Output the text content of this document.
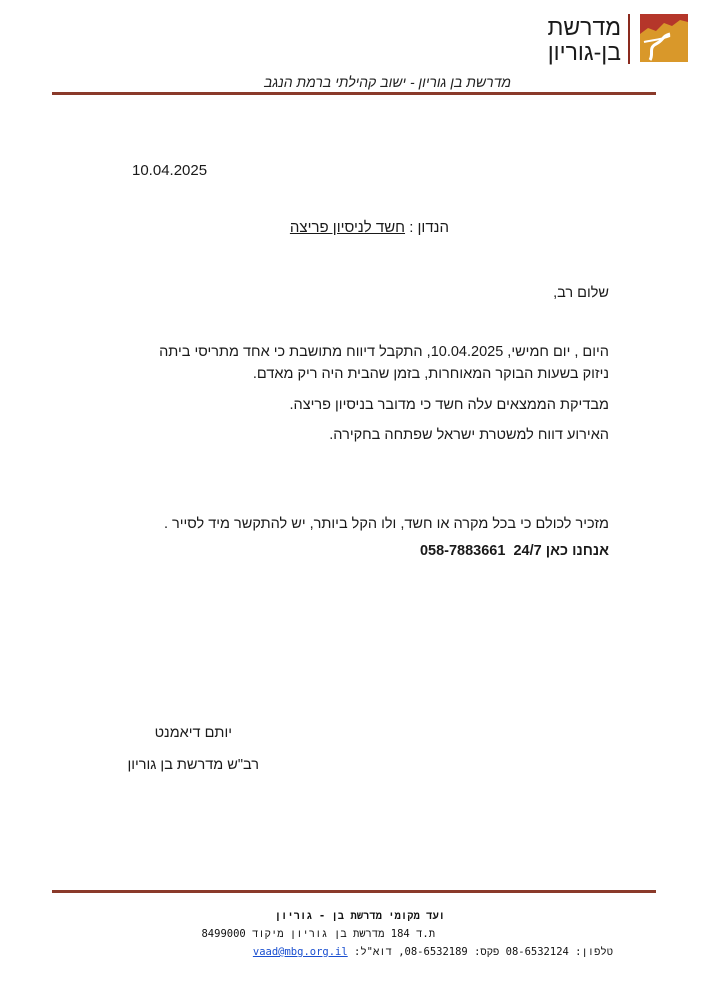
מדרשת
בן-גוריון
מדרשת בן גוריון - ישוב קהילתי ברמת הנגב
10.04.2025
הנדון : חשד לניסיון פריצה
שלום רב,
היום , יום חמישי, 10.04.2025, התקבל דיווח מתושבת כי אחד מתריסי ביתה
ניזוק בשעות הבוקר המאוחרות, בזמן שהבית היה ריק מאדם.
מבדיקת הממצאים עלה חשד כי מדובר בניסיון פריצה.
האירוע דווח למשטרת ישראל שפתחה בחקירה.
מזכיר לכולם כי בכל מקרה או חשד, ולו הקל ביותר, יש להתקשר מיד לסייר .
אנחנו כאן 24/7  058-7883661
יותם דיאמנט
רב"ש מדרשת בן גוריון
ועד מקומי מדרשת בן - גוריון
ת.ד 184 מדרשת בן גוריון מיקוד 8499000
טלפון: 08-6532124 פקס: 08-6532189, דוא"ל: vaad@mbg.org.il
